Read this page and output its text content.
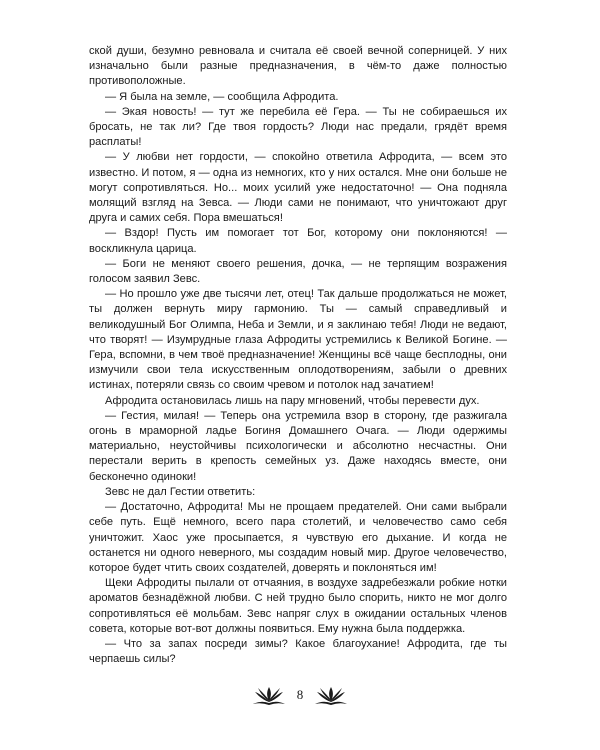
ской души, безумно ревновала и считала её своей вечной соперницей. У них изначально были разные предназначения, в чём-то даже полностью противоположные.

— Я была на земле, — сообщила Афродита.

— Экая новость! — тут же перебила её Гера. — Ты не собираешься их бросать, не так ли? Где твоя гордость? Люди нас предали, грядёт время расплаты!

— У любви нет гордости, — спокойно ответила Афродита, — всем это известно. И потом, я — одна из немногих, кто у них остался. Мне они больше не могут сопротивляться. Но... моих усилий уже недостаточно! — Она подняла молящий взгляд на Зевса. — Люди сами не понимают, что уничтожают друг друга и самих себя. Пора вмешаться!

— Вздор! Пусть им помогает тот Бог, которому они поклоняются! — воскликнула царица.

— Боги не меняют своего решения, дочка, — не терпящим возражения голосом заявил Зевс.

— Но прошло уже две тысячи лет, отец! Так дальше продолжаться не может, ты должен вернуть миру гармонию. Ты — самый справедливый и великодушный Бог Олимпа, Неба и Земли, и я заклинаю тебя! Люди не ведают, что творят! — Изумрудные глаза Афродиты устремились к Великой Богине. — Гера, вспомни, в чем твоё предназначение! Женщины всё чаще бесплодны, они измучили свои тела искусственным оплодотворениям, забыли о древних истинах, потеряли связь со своим чревом и потолок над зачатием!

Афродита остановилась лишь на пару мгновений, чтобы перевести дух.

— Гестия, милая! — Теперь она устремила взор в сторону, где разжигала огонь в мраморной ладье Богиня Домашнего Очага. — Люди одержимы материально, неустойчивы психологически и абсолютно несчастны. Они перестали верить в крепость семейных уз. Даже находясь вместе, они бесконечно одиноки!

Зевс не дал Гестии ответить:

— Достаточно, Афродита! Мы не прощаем предателей. Они сами выбрали себе путь. Ещё немного, всего пара столетий, и человечество само себя уничтожит. Хаос уже просыпается, я чувствую его дыхание. И когда не останется ни одного неверного, мы создадим новый мир. Другое человечество, которое будет чтить своих создателей, доверять и поклоняться им!

Щеки Афродиты пылали от отчаяния, в воздухе задребезжали робкие нотки ароматов безнадёжной любви. С ней трудно было спорить, никто не мог долго сопротивляться её мольбам. Зевс напряг слух в ожидании остальных членов совета, которые вот-вот должны появиться. Ему нужна была поддержка.

— Что за запах посреди зимы? Какое благоухание! Афродита, где ты черпаешь силы?

8
